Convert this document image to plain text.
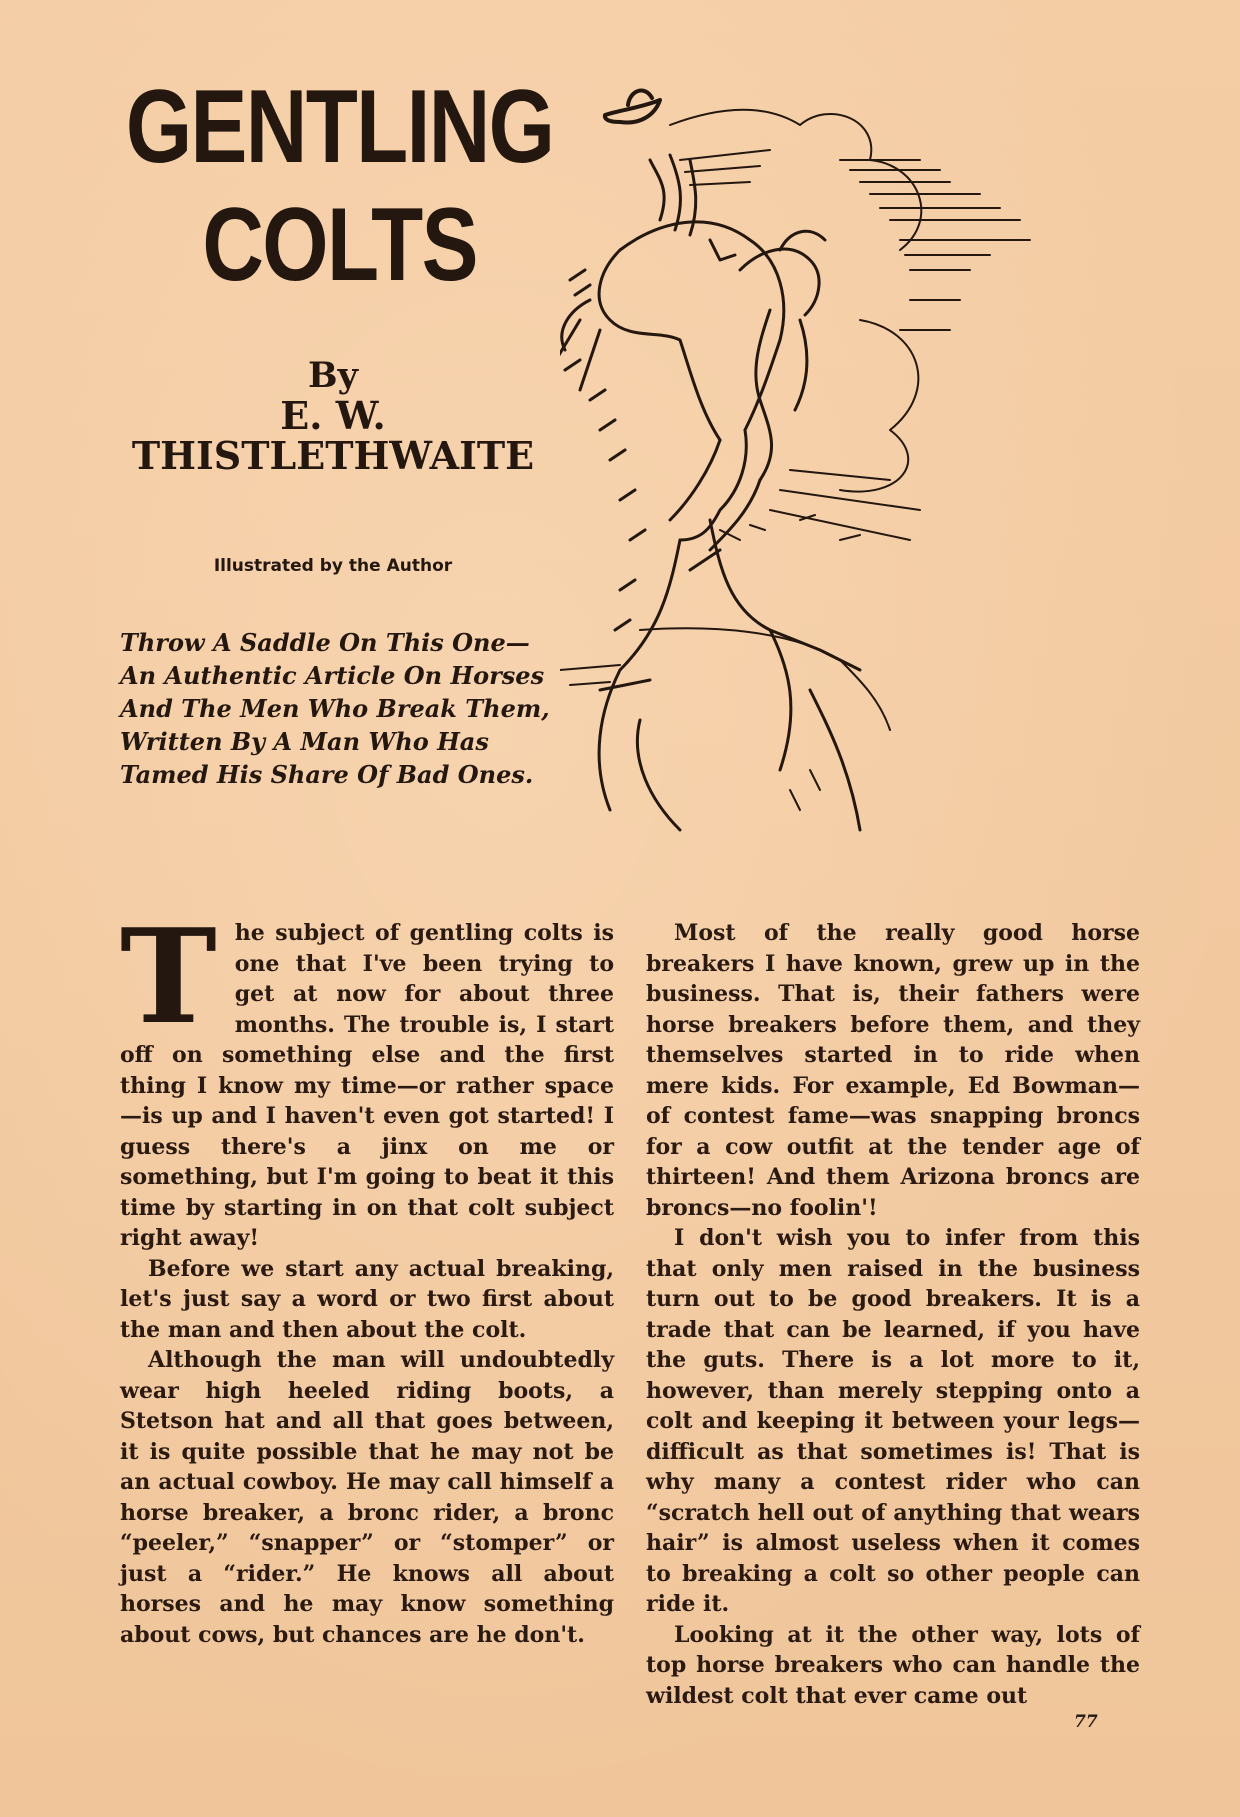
GENTLING
COLTS
By
E. W.
THISTLETHWAITE
Illustrated by the Author

Throw A Saddle On This One—

An Authentic Article On Horses

And The Men Who Break Them,

Written By A Man Who Has

Tamed His Share Of Bad Ones.

The subject of gentling colts is one that I've been trying to get at now for about three months. The trouble is, I start off on something else and the first thing I know my time—or rather space—is up and I haven't even got started! I guess there's a jinx on me or something, but I'm going to beat it this time by starting in on that colt subject right away!

Before we start any actual breaking, let's just say a word or two first about the man and then about the colt.

Although the man will undoubtedly wear high heeled riding boots, a Stetson hat and all that goes between, it is quite possible that he may not be an actual cowboy. He may call himself a horse breaker, a bronc rider, a bronc “peeler,” “snapper” or “stomper” or just a “rider.” He knows all about horses and he may know something about cows, but chances are he don't.

Most of the really good horse breakers I have known, grew up in the business. That is, their fathers were horse breakers before them, and they themselves started in to ride when mere kids. For example, Ed Bowman—of contest fame—was snapping broncs for a cow outfit at the tender age of thirteen! And them Arizona broncs are broncs—no foolin'!

I don't wish you to infer from this that only men raised in the business turn out to be good breakers. It is a trade that can be learned, if you have the guts. There is a lot more to it, however, than merely stepping onto a colt and keeping it between your legs—difficult as that sometimes is! That is why many a contest rider who can “scratch hell out of anything that wears hair” is almost useless when it comes to breaking a colt so other people can ride it.

Looking at it the other way, lots of top horse breakers who can handle the wildest colt that ever came out

77
